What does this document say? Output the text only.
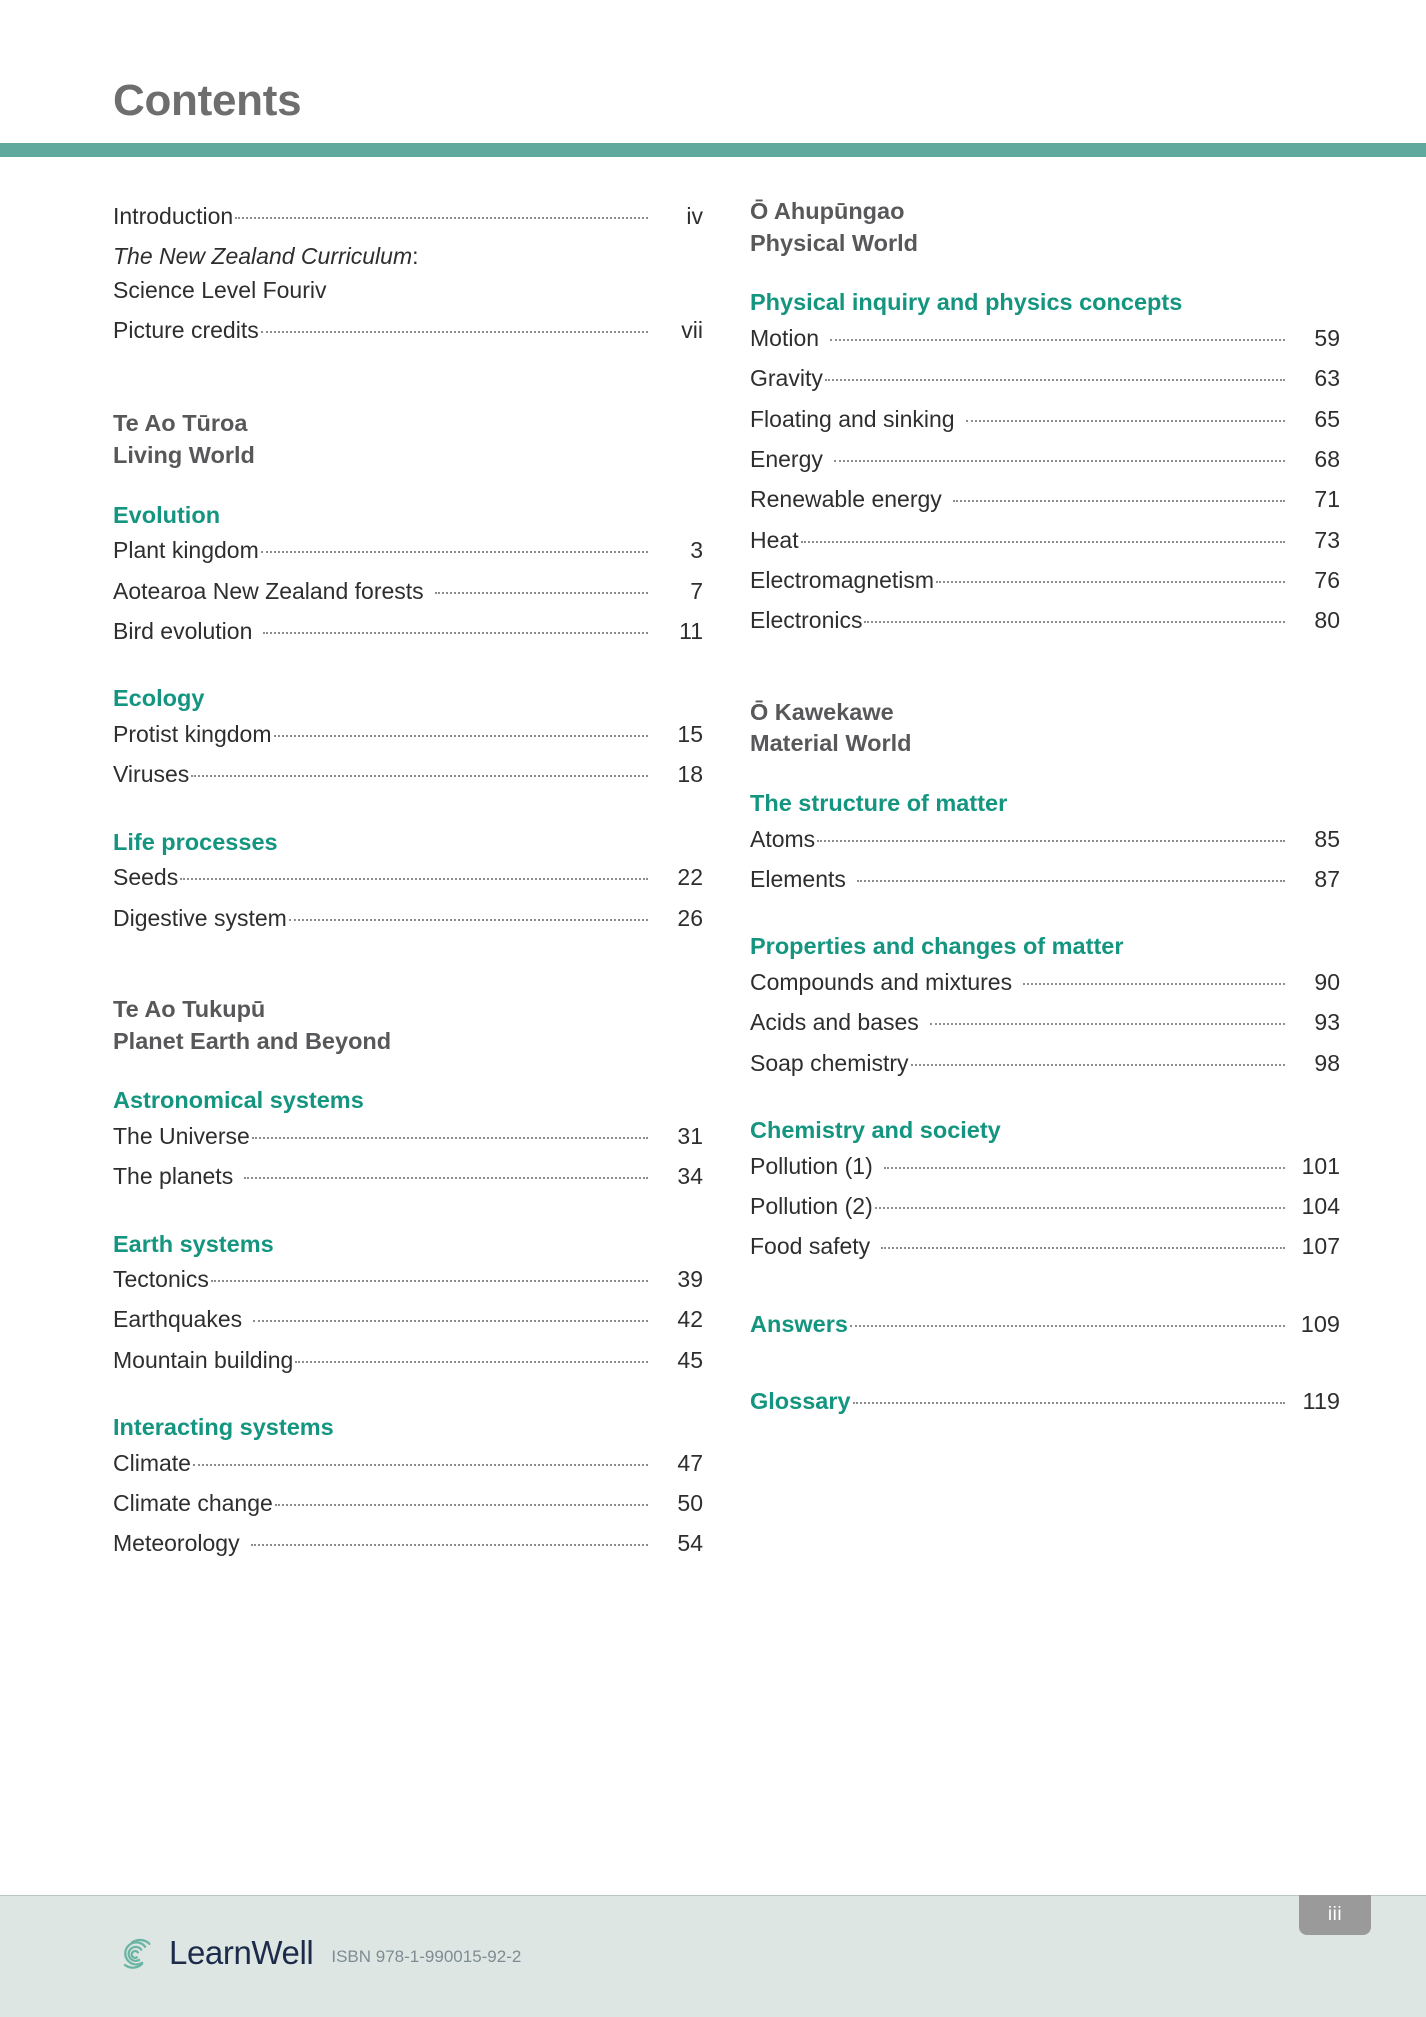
Contents
Introduction	iv
The New Zealand Curriculum:
Science Level Four iv
Picture credits	vii
Te Ao Tūroa
Living World
Evolution
Plant kingdom	3
Aotearoa New Zealand forests	7
Bird evolution	11
Ecology
Protist kingdom	15
Viruses	18
Life processes
Seeds	22
Digestive system	26
Te Ao Tukupū
Planet Earth and Beyond
Astronomical systems
The Universe	31
The planets	34
Earth systems
Tectonics	39
Earthquakes	42
Mountain building	45
Interacting systems
Climate	47
Climate change	50
Meteorology	54
Ō Ahupūngao
Physical World
Physical inquiry and physics concepts
Motion	59
Gravity	63
Floating and sinking	65
Energy	68
Renewable energy	71
Heat	73
Electromagnetism	76
Electronics	80
Ō Kawekawe
Material World
The structure of matter
Atoms	85
Elements	87
Properties and changes of matter
Compounds and mixtures	90
Acids and bases	93
Soap chemistry	98
Chemistry and society
Pollution (1)	101
Pollution (2)	104
Food safety	107
Answers	109
Glossary	119
LearnWell ISBN 978-1-990015-92-2
iii
